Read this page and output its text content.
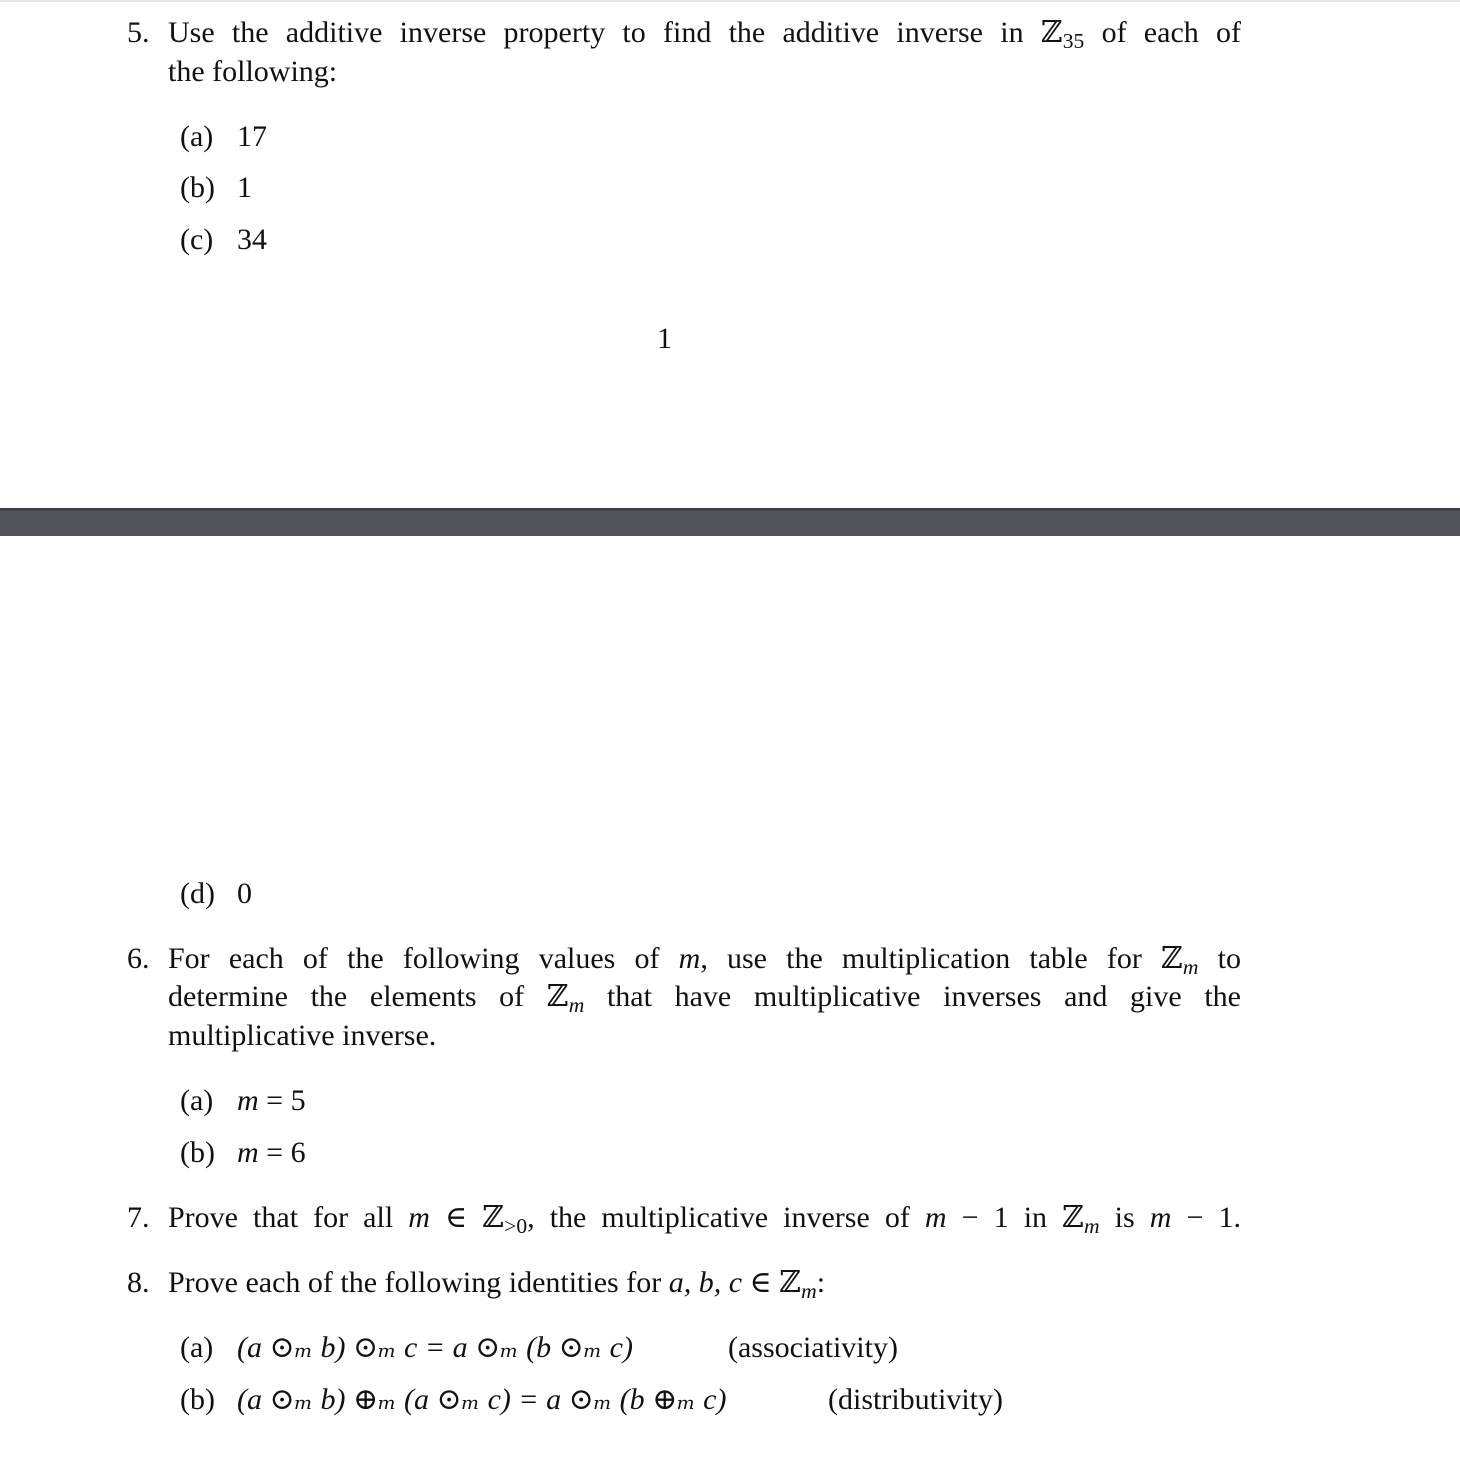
5. Use the additive inverse property to find the additive inverse in ℤ$_{35}$ of each of
the following:
(a) 17
(b) 1
(c) 34
1
(d) 0
6. For each of the following values of m, use the multiplication table for ℤ$_m$ to
determine the elements of ℤ$_m$ that have multiplicative inverses and give the
multiplicative inverse.
(a) m = 5
(b) m = 6
7. Prove that for all m ∈ ℤ$_{>0}$, the multiplicative inverse of m − 1 in ℤ$_m$ is m − 1.
8. Prove each of the following identities for a, b, c ∈ ℤ$_m$:
(a) (a ⊙ₘ b) ⊙ₘ c = a ⊙ₘ (b ⊙ₘ c)	(associativity)
(b) (a ⊙ₘ b) ⊕ₘ (a ⊙ₘ c) = a ⊙ₘ (b ⊕ₘ c)	(distributivity)
